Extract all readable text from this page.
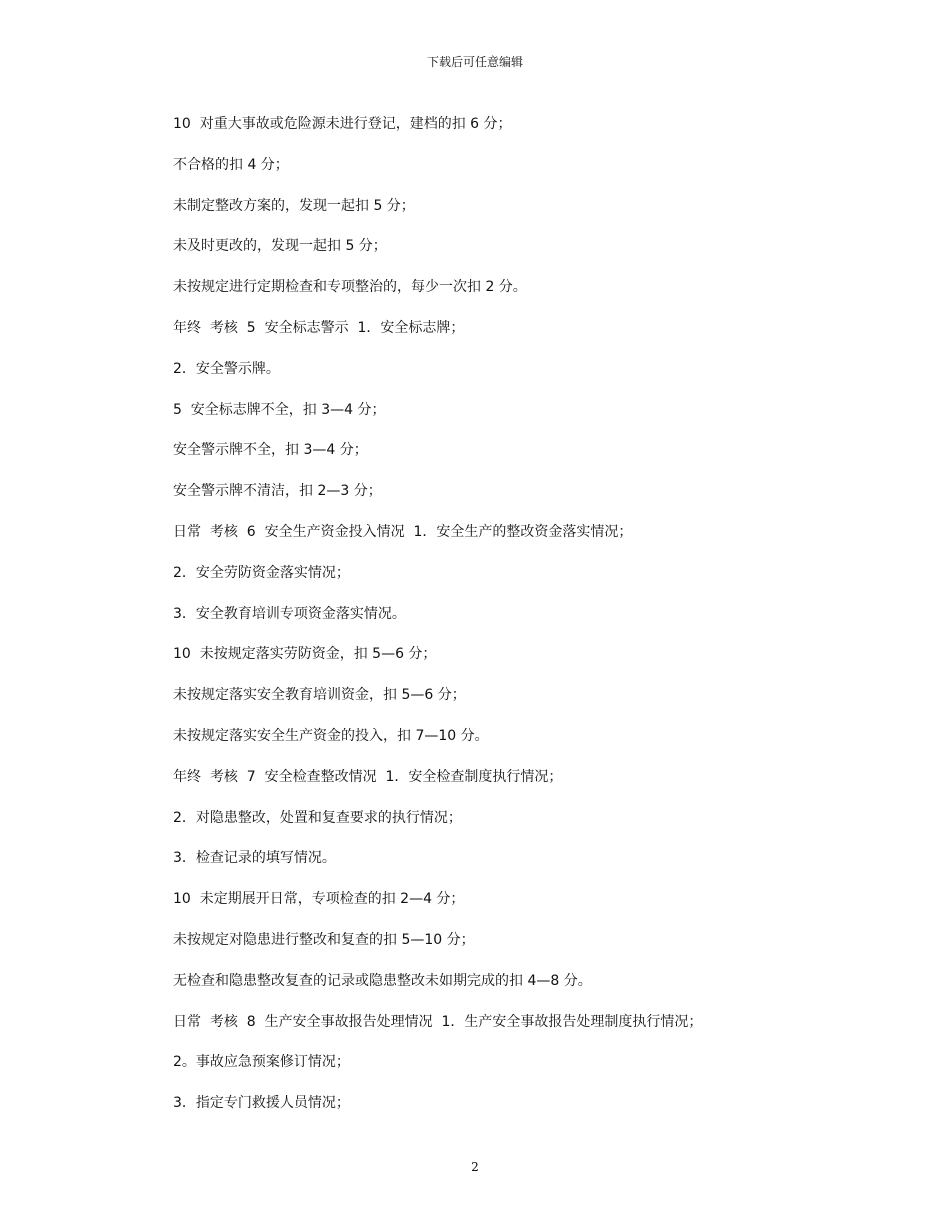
下载后可任意编辑
10  对重大事故或危险源未进行登记，建档的扣 6 分；
不合格的扣 4 分；
未制定整改方案的，发现一起扣 5 分；
未及时更改的，发现一起扣 5 分；
未按规定进行定期检查和专项整治的，每少一次扣 2 分。
年终  考核  5  安全标志警示  1．安全标志牌；
2．安全警示牌。
5  安全标志牌不全，扣 3—4 分；
安全警示牌不全，扣 3—4 分；
安全警示牌不清洁，扣 2—3 分；
日常  考核  6  安全生产资金投入情况  1．安全生产的整改资金落实情况；
2．安全劳防资金落实情况；
3．安全教育培训专项资金落实情况。
10  未按规定落实劳防资金，扣 5—6 分；
未按规定落实安全教育培训资金，扣 5—6 分；
未按规定落实安全生产资金的投入，扣 7—10 分。
年终  考核  7  安全检查整改情况  1．安全检查制度执行情况；
2．对隐患整改，处置和复查要求的执行情况；
3．检查记录的填写情况。
10  未定期展开日常，专项检查的扣 2—4 分；
未按规定对隐患进行整改和复查的扣 5—10 分；
无检查和隐患整改复查的记录或隐患整改未如期完成的扣 4—8 分。
日常  考核  8  生产安全事故报告处理情况  1．生产安全事故报告处理制度执行情况；
2。事故应急预案修订情况；
3．指定专门救援人员情况；
2
